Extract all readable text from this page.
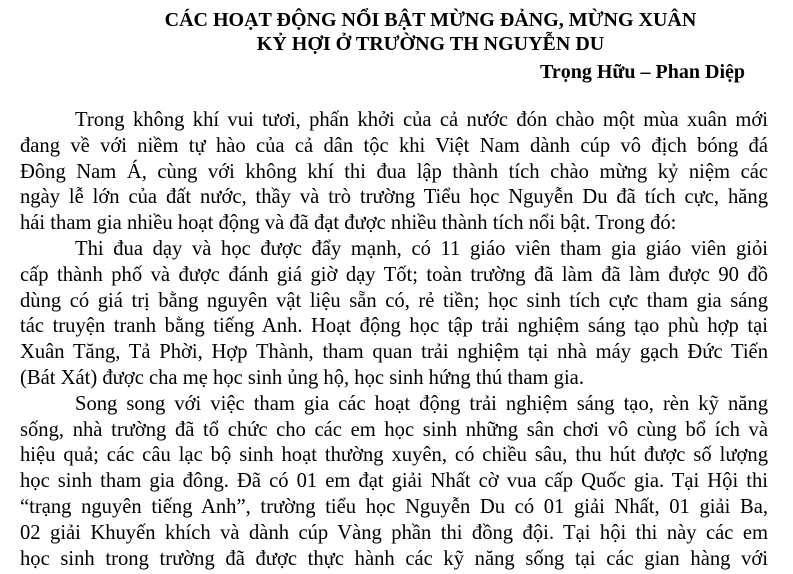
CÁC HOẠT ĐỘNG NỔI BẬT MỪNG ĐẢNG, MỪNG XUÂN
KỶ HỢI Ở TRƯỜNG TH NGUYỄN DU
Trọng Hữu – Phan Diệp
Trong không khí vui tươi, phấn khởi của cả nước đón chào một mùa xuân mới
đang về với niềm tự hào của cả dân tộc khi Việt Nam dành cúp vô địch bóng đá
Đông Nam Á, cùng với không khí thi đua lập thành tích chào mừng kỷ niệm các
ngày lễ lớn của đất nước, thầy và trò trường Tiểu học Nguyễn Du đã tích cực, hăng
hái tham gia nhiều hoạt động và đã đạt được nhiều thành tích nổi bật. Trong đó:
Thi đua dạy và học được đẩy mạnh, có 11 giáo viên tham gia giáo viên giỏi
cấp thành phố và được đánh giá giờ dạy Tốt; toàn trường đã làm đã làm được 90 đồ
dùng có giá trị bằng nguyên vật liệu sẵn có, rẻ tiền; học sinh tích cực tham gia sáng
tác truyện tranh bằng tiếng Anh. Hoạt động học tập trải nghiệm sáng tạo phù hợp tại
Xuân Tăng, Tả Phời, Hợp Thành, tham quan trải nghiệm tại nhà máy gạch Đức Tiến
(Bát Xát) được cha mẹ học sinh ủng hộ, học sinh hứng thú tham gia.
Song song với việc tham gia các hoạt động trải nghiệm sáng tạo, rèn kỹ năng
sống, nhà trường đã tổ chức cho các em học sinh những sân chơi vô cùng bổ ích và
hiệu quả; các câu lạc bộ sinh hoạt thường xuyên, có chiều sâu, thu hút được số lượng
học sinh tham gia đông. Đã có 01 em đạt giải Nhất cờ vua cấp Quốc gia. Tại Hội thi
“trạng nguyên tiếng Anh”, trường tiểu học Nguyễn Du có 01 giải Nhất, 01 giải Ba,
02 giải Khuyến khích và dành cúp Vàng phần thi đồng đội. Tại hội thi này các em
học sinh trong trường đã được thực hành các kỹ năng sống tại các gian hàng với
